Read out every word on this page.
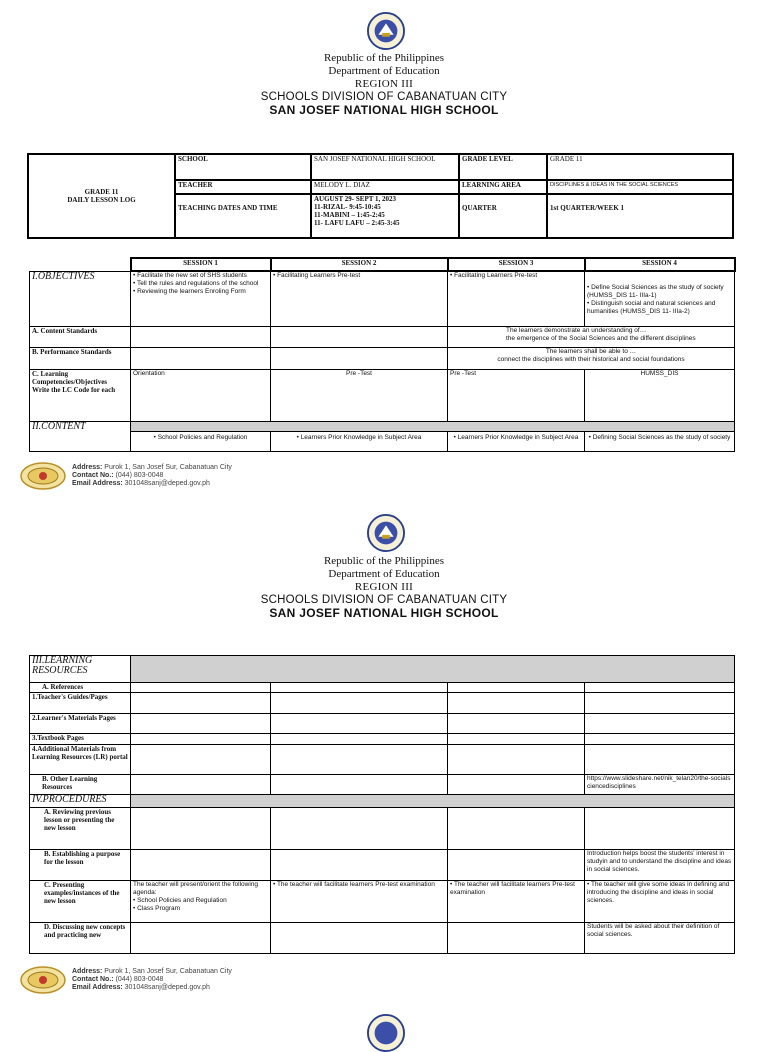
Republic of the Philippines
Department of Education
REGION III
SCHOOLS DIVISION OF CABANATUAN CITY
SAN JOSEF NATIONAL HIGH SCHOOL
GRADE 11
DAILY LESSON LOG	SCHOOL	SAN JOSEF NATIONAL HIGH SCHOOL	GRADE LEVEL	GRADE 11
	TEACHER	MELODY L. DIAZ	LEARNING AREA	DISCIPLINES & IDEAS IN THE SOCIAL SCIENCES
	TEACHING DATES AND TIME	AUGUST 29- SEPT 1, 2023
11-RIZAL- 9:45-10:45
11-MABINI – 1:45-2:45
11- LAFU LAFU – 2:45-3:45	QUARTER	1st QUARTER/WEEK 1
	SESSION 1	SESSION 2	SESSION 3	SESSION 4
I.OBJECTIVES	• Facilitate the new set of SHS students
• Tell the rules and regulations of the school
• Reviewing the learners Enroling Form	• Facilitating Learners Pre-test	• Facilitating Learners Pre-test	• Define Social Sciences as the study of society (HUMSS_DIS 11- IIIa-1)
• Distinguish social and natural sciences and humanities (HUMSS_DIS 11- IIIa-2)
A. Content Standards			The learners demonstrate an understanding of…
the emergence of the Social Sciences and the different disciplines	
B. Performance Standards			The learners shall be able to …
connect the disciplines with their historical and social foundations	
C. Learning Competencies/Objectives
Write the LC Code for each	Orientation	Pre -Test	Pre -Test	HUMSS_DIS
II.CONTENT				
	• School Policies and Regulation	• Learners Prior Knowledge in Subject Area	• Learners Prior Knowledge in Subject Area	• Defining Social Sciences as the study of society
Address: Purok 1, San Josef Sur, Cabanatuan City
Contact No.: (044) 803-0048
Email Address: 301048sanj@deped.gov.ph
Republic of the Philippines
Department of Education
REGION III
SCHOOLS DIVISION OF CABANATUAN CITY
SAN JOSEF NATIONAL HIGH SCHOOL
III.LEARNING RESOURCES				
A. References				
1.Teacher's Guides/Pages				
2.Learner's Materials Pages				
3.Textbook Pages				
4.Additional Materials from Learning Resources (LR) portal				
B. Other Learning Resources				https://www.slideshare.net/nik_telan20/the-socialsciencedisciplines
IV.PROCEDURES				
A. Reviewing previous lesson or presenting the new lesson				
B. Establishing a purpose for the lesson				Introduction helps boost the students' interest in studyin and to understand the discipline and ideas in social sciences.
C. Presenting examples/instances of the new lesson	The teacher will present/orient the following agenda:
• School Policies and Regulation
• Class Program	• The teacher will facilitate learners Pre-test examination	• The teacher will facilitate learners Pre-test examination	• The teacher will give some ideas in defining and introducing the discipline and ideas in social sciences.
D. Discussing new concepts and practicing new				Students will be asked about their definition of social sciences.
Address: Purok 1, San Josef Sur, Cabanatuan City
Contact No.: (044) 803-0048
Email Address: 301048sanj@deped.gov.ph
